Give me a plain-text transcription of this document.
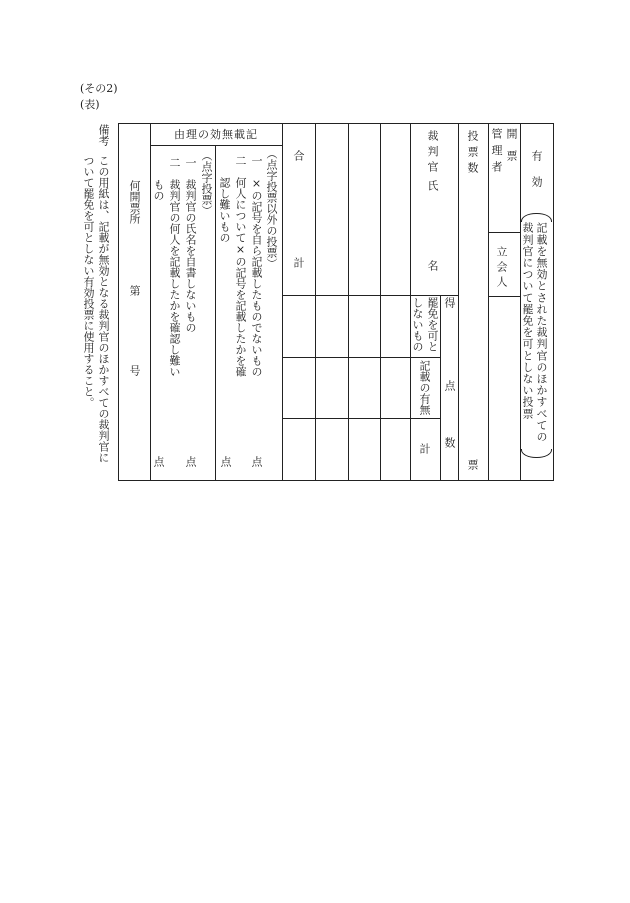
(その2)
(表)
備考
この用紙は、記載が無効となる裁判官のほかすべての裁判官に
ついて罷免を可としない有効投票に使用すること。	何開票所
第
号
由理の効無載記
（点字投票）
一　裁判官の氏名を自書しないもの
二　裁判官の何人を記載したかを確認し難い
もの
点 点
（点字投票以外の投票）
一　×の記号を自ら記載したものでないもの
二　何人について×の記号を記載したかを確
認し難いもの
点 点
合
計
裁判官
氏
名
得
点
数
罷免を可と
しないもの
記載の有無
計
投票数
票
開票
管理者
立会人
有効
記載を無効とされた裁判官のほかすべての
裁判官について罷免を可としない投票
